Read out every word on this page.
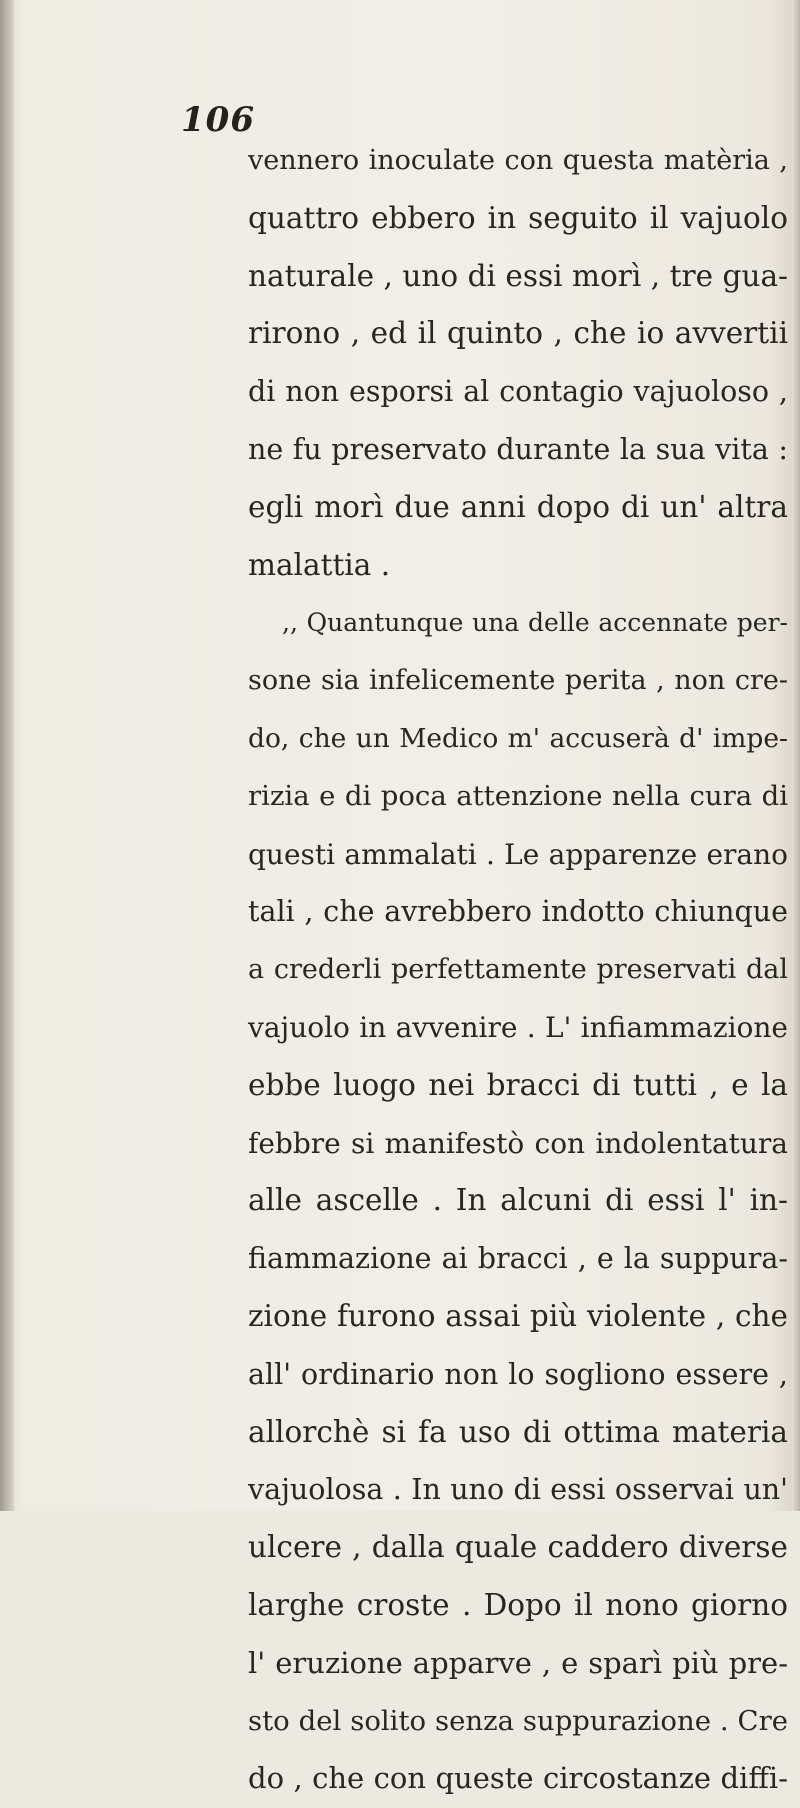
106
vennero inoculate con questa matèria ,
quattro ebbero in seguito il vajuolo
naturale , uno di essi morì , tre gua-
rirono , ed il quinto , che io avvertii
di non esporsi al contagio vajuoloso ,
ne fu preservato durante la sua vita :
egli morì due anni dopo di un' altra
malattia .
,, Quantunque una delle accennate per-
sone sia infelicemente perita , non cre-
do, che un Medico m' accuserà d' impe-
rizia e di poca attenzione nella cura di
questi ammalati . Le apparenze erano
tali , che avrebbero indotto chiunque
a crederli perfettamente preservati dal
vajuolo in avvenire . L' infiammazione
ebbe luogo nei bracci di tutti , e la
febbre si manifestò con indolentatura
alle ascelle . In alcuni di essi l' in-
fiammazione ai bracci , e la suppura-
zione furono assai più violente , che
all' ordinario non lo sogliono essere ,
allorchè si fa uso di ottima materia
vajuolosa . In uno di essi osservai un'
ulcere , dalla quale caddero diverse
larghe croste . Dopo il nono giorno
l' eruzione apparve , e sparì più pre-
sto del solito senza suppurazione . Cre
do , che con queste circostanze diffi-
